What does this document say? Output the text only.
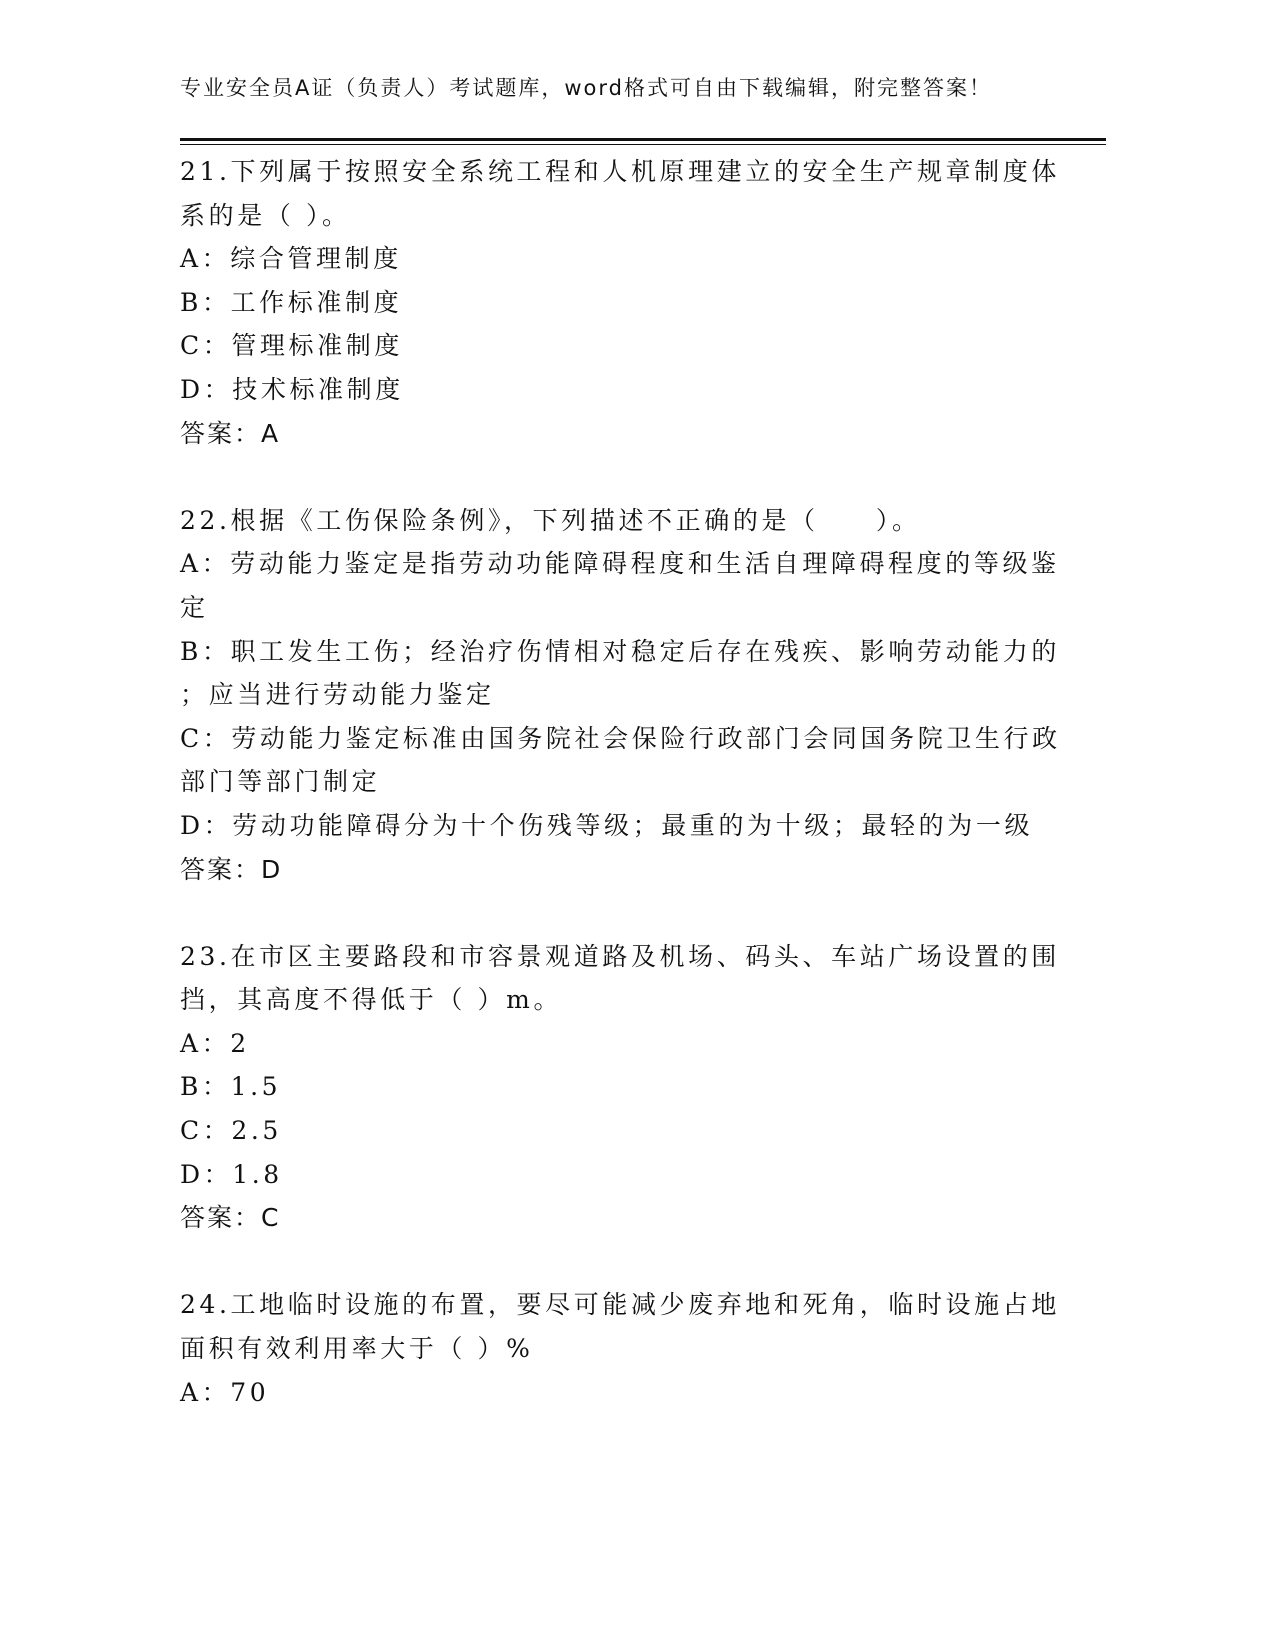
专业安全员A证（负责人）考试题库，word格式可自由下载编辑，附完整答案！
21.下列属于按照安全系统工程和人机原理建立的安全生产规章制度体
系的是（ ）。
A：综合管理制度
B：工作标准制度
C：管理标准制度
D：技术标准制度
答案：A
22.根据《工伤保险条例》，下列描述不正确的是（　　）。
A：劳动能力鉴定是指劳动功能障碍程度和生活自理障碍程度的等级鉴
定
B：职工发生工伤；经治疗伤情相对稳定后存在残疾、影响劳动能力的
；应当进行劳动能力鉴定
C：劳动能力鉴定标准由国务院社会保险行政部门会同国务院卫生行政
部门等部门制定
D：劳动功能障碍分为十个伤残等级；最重的为十级；最轻的为一级
答案：D
23.在市区主要路段和市容景观道路及机场、码头、车站广场设置的围
挡，其高度不得低于（ ）m。
A：2
B：1.5
C：2.5
D：1.8
答案：C
24.工地临时设施的布置，要尽可能减少废弃地和死角，临时设施占地
面积有效利用率大于（ ）%
A：70
